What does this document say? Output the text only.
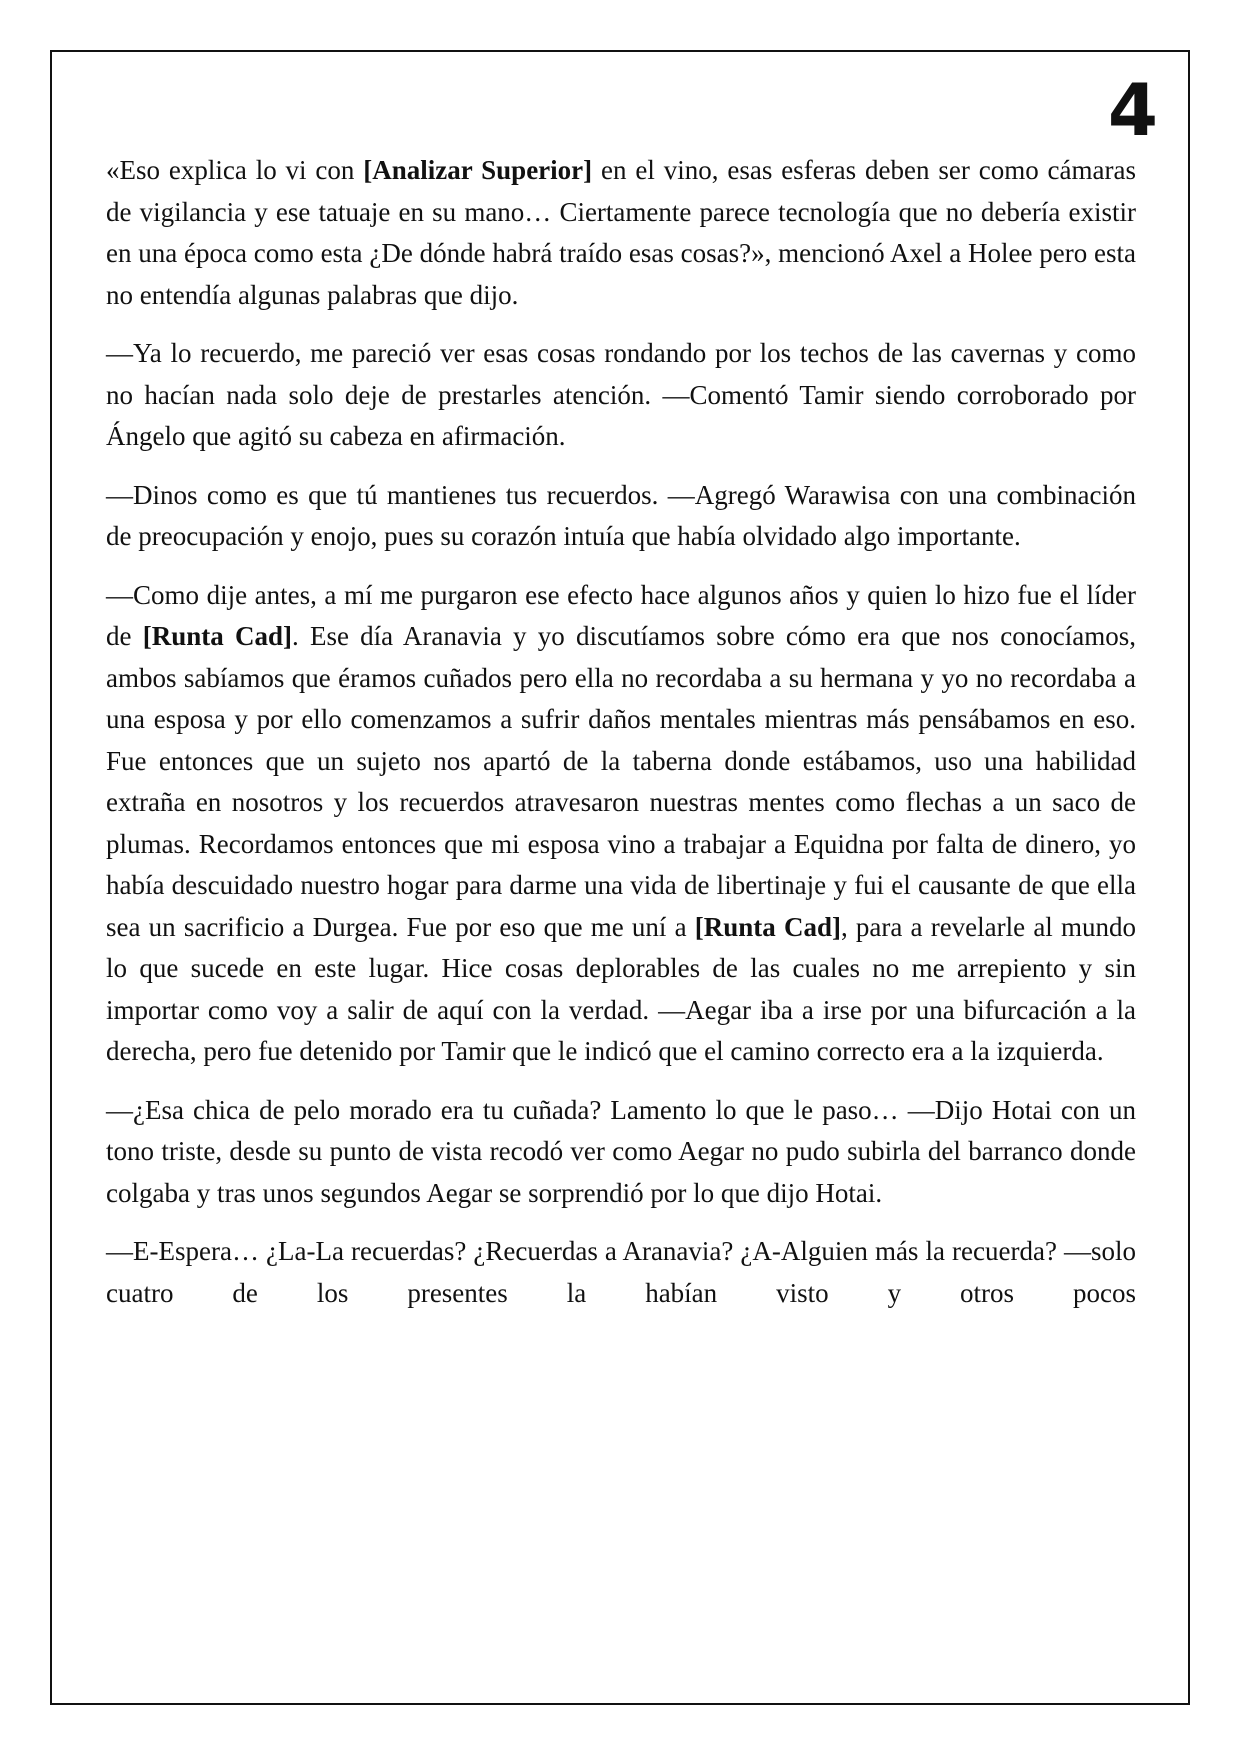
4

«Eso explica lo vi con [Analizar Superior] en el vino, esas esferas deben ser como cámaras de vigilancia y ese tatuaje en su mano… Ciertamente parece tecnología que no debería existir en una época como esta ¿De dónde habrá traído esas cosas?», mencionó Axel a Holee pero esta no entendía algunas palabras que dijo.

—Ya lo recuerdo, me pareció ver esas cosas rondando por los techos de las cavernas y como no hacían nada solo deje de prestarles atención. —Comentó Tamir siendo corroborado por Ángelo que agitó su cabeza en afirmación.

—Dinos como es que tú mantienes tus recuerdos. —Agregó Warawisa con una combinación de preocupación y enojo, pues su corazón intuía que había olvidado algo importante.

—Como dije antes, a mí me purgaron ese efecto hace algunos años y quien lo hizo fue el líder de [Runta Cad]. Ese día Aranavia y yo discutíamos sobre cómo era que nos conocíamos, ambos sabíamos que éramos cuñados pero ella no recordaba a su hermana y yo no recordaba a una esposa y por ello comenzamos a sufrir daños mentales mientras más pensábamos en eso. Fue entonces que un sujeto nos apartó de la taberna donde estábamos, uso una habilidad extraña en nosotros y los recuerdos atravesaron nuestras mentes como flechas a un saco de plumas. Recordamos entonces que mi esposa vino a trabajar a Equidna por falta de dinero, yo había descuidado nuestro hogar para darme una vida de libertinaje y fui el causante de que ella sea un sacrificio a Durgea. Fue por eso que me uní a [Runta Cad], para a revelarle al mundo lo que sucede en este lugar. Hice cosas deplorables de las cuales no me arrepiento y sin importar como voy a salir de aquí con la verdad. —Aegar iba a irse por una bifurcación a la derecha, pero fue detenido por Tamir que le indicó que el camino correcto era a la izquierda.

—¿Esa chica de pelo morado era tu cuñada? Lamento lo que le paso… —Dijo Hotai con un tono triste, desde su punto de vista recodó ver como Aegar no pudo subirla del barranco donde colgaba y tras unos segundos Aegar se sorprendió por lo que dijo Hotai.

—E-Espera… ¿La-La recuerdas? ¿Recuerdas a Aranavia? ¿A-Alguien más la recuerda? —solo cuatro de los presentes la habían visto y otros pocos
